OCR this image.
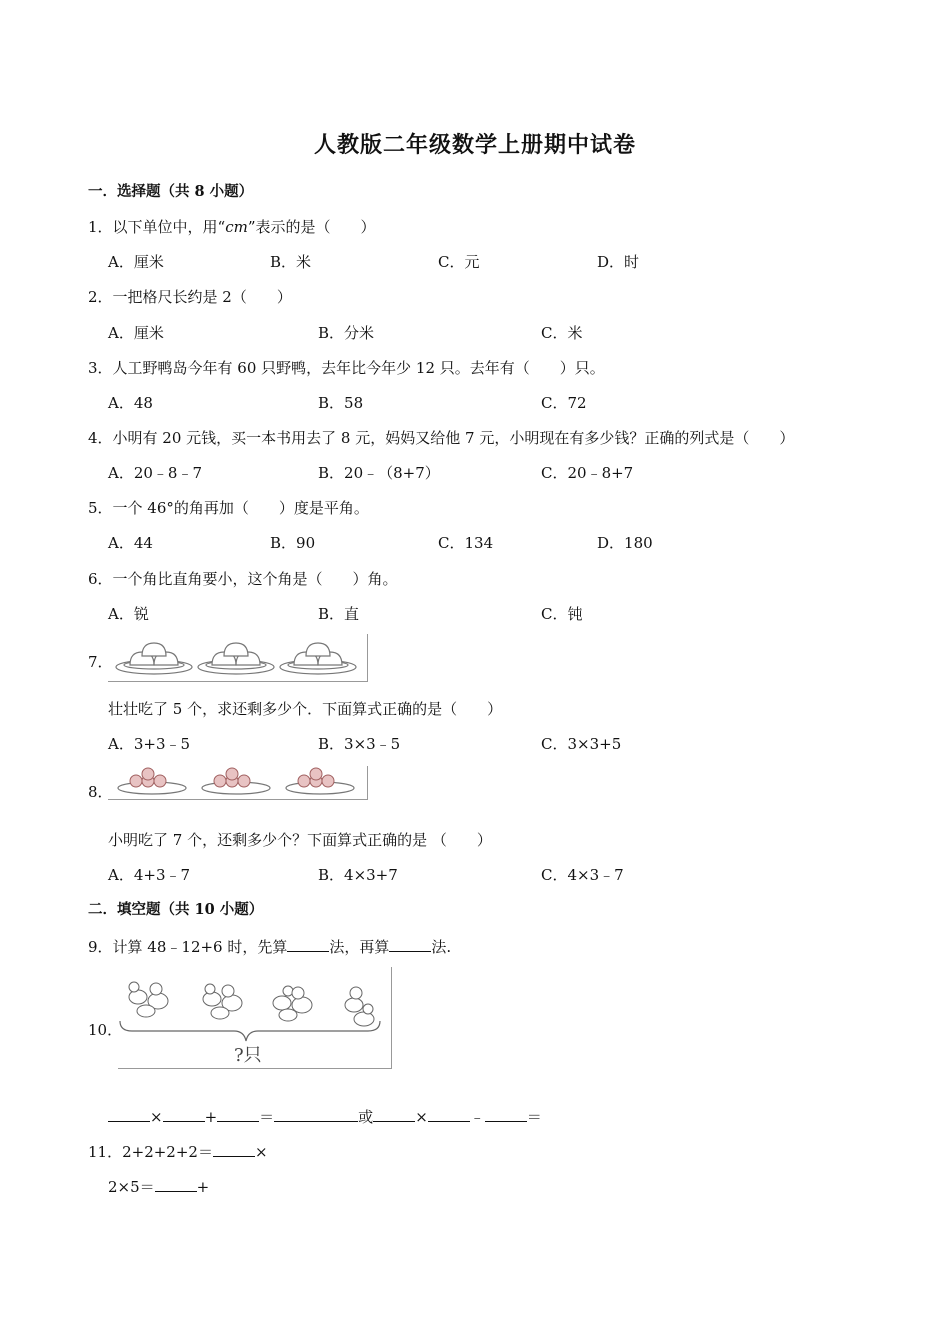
人教版二年级数学上册期中试卷
一．选择题（共 8 小题）
1．以下单位中，用“cm”表示的是（　　）
A．厘米	B．米	C．元	D．时
2．一把格尺长约是 2（　　）
A．厘米	B．分米	C．米
3．人工野鸭岛今年有 60 只野鸭，去年比今年少 12 只。去年有（　　）只。
A．48	B．58	C．72
4．小明有 20 元钱，买一本书用去了 8 元，妈妈又给他 7 元，小明现在有多少钱？正确的列式是（　　）
A．20﹣8﹣7	B．20﹣（8+7）	C．20﹣8+7
5．一个 46°的角再加（　　）度是平角。
A．44	B．90	C．134	D．180
6．一个角比直角要小，这个角是（　　）角。
A．锐	B．直	C．钝
7．
壮壮吃了 5 个，求还剩多少个．下面算式正确的是（　　）
A．3+3﹣5	B．3×3﹣5	C．3×3+5
8．
小明吃了 7 个，还剩多少个？下面算式正确的是 （　　）
A．4+3﹣7	B．4×3+7	C．4×3﹣7
二．填空题（共 10 小题）
9．计算 48﹣12+6 时，先算	法，再算	法.
10．
?只
×	+	＝	或	×	﹣	＝
11．2+2+2+2＝	×
2×5＝	+
